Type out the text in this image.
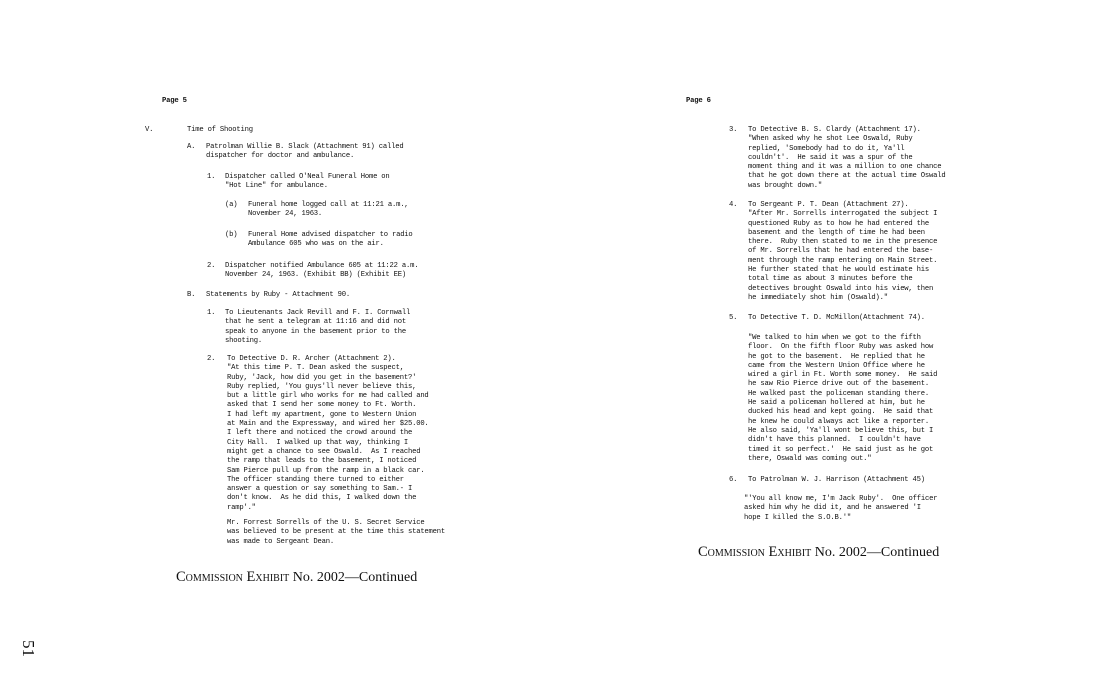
Page 5
V.	Time of Shooting
A. Patrolman Willie B. Slack (Attachment 91) called
dispatcher for doctor and ambulance.
1. Dispatcher called O'Neal Funeral Home on
"Hot Line" for ambulance.
(a) Funeral home logged call at 11:21 a.m.,
November 24, 1963.
(b) Funeral Home advised dispatcher to radio
Ambulance 605 who was on the air.
2. Dispatcher notified Ambulance 605 at 11:22 a.m.
November 24, 1963. (Exhibit BB) (Exhibit EE)
B. Statements by Ruby - Attachment 90.
1. To Lieutenants Jack Revill and F. I. Cornwall
that he sent a telegram at 11:16 and did not
speak to anyone in the basement prior to the
shooting.
2. To Detective D. R. Archer (Attachment 2).
"At this time P. T. Dean asked the suspect,
Ruby, 'Jack, how did you get in the basement?'
Ruby replied, 'You guys'll never believe this,
but a little girl who works for me had called and
asked that I send her some money to Ft. Worth.
I had left my apartment, gone to Western Union
at Main and the Expressway, and wired her $25.00.
I left there and noticed the crowd around the
City Hall.  I walked up that way, thinking I
might get a chance to see Oswald.  As I reached
the ramp that leads to the basement, I noticed
Sam Pierce pull up from the ramp in a black car.
The officer standing there turned to either
answer a question or say something to Sam.- I
don't know.  As he did this, I walked down the
ramp'."
Mr. Forrest Sorrells of the U. S. Secret Service
was believed to be present at the time this statement
was made to Sergeant Dean.
Commission Exhibit No. 2002—Continued
Page 6
3. To Detective B. S. Clardy (Attachment 17).
"When asked why he shot Lee Oswald, Ruby
replied, 'Somebody had to do it, Ya'll
couldn't'.  He said it was a spur of the
moment thing and it was a million to one chance
that he got down there at the actual time Oswald
was brought down."
4. To Sergeant P. T. Dean (Attachment 27).
"After Mr. Sorrells interrogated the subject I
questioned Ruby as to how he had entered the
basement and the length of time he had been
there.  Ruby then stated to me in the presence
of Mr. Sorrells that he had entered the base-
ment through the ramp entering on Main Street.
He further stated that he would estimate his
total time as about 3 minutes before the
detectives brought Oswald into his view, then
he immediately shot him (Oswald)."
5. To Detective T. D. McMillon(Attachment 74).
"We talked to him when we got to the fifth
floor.  On the fifth floor Ruby was asked how
he got to the basement.  He replied that he
came from the Western Union Office where he
wired a girl in Ft. Worth some money.  He said
he saw Rio Pierce drive out of the basement.
He walked past the policeman standing there.
He said a policeman hollered at him, but he
ducked his head and kept going.  He said that
he knew he could always act like a reporter.
He also said, 'Ya'll wont believe this, but I
didn't have this planned.  I couldn't have
timed it so perfect.'  He said just as he got
there, Oswald was coming out."
6. To Patrolman W. J. Harrison (Attachment 45)
"'You all know me, I'm Jack Ruby'.  One officer
asked him why he did it, and he answered 'I
hope I killed the S.O.B.'"
Commission Exhibit No. 2002—Continued
51
